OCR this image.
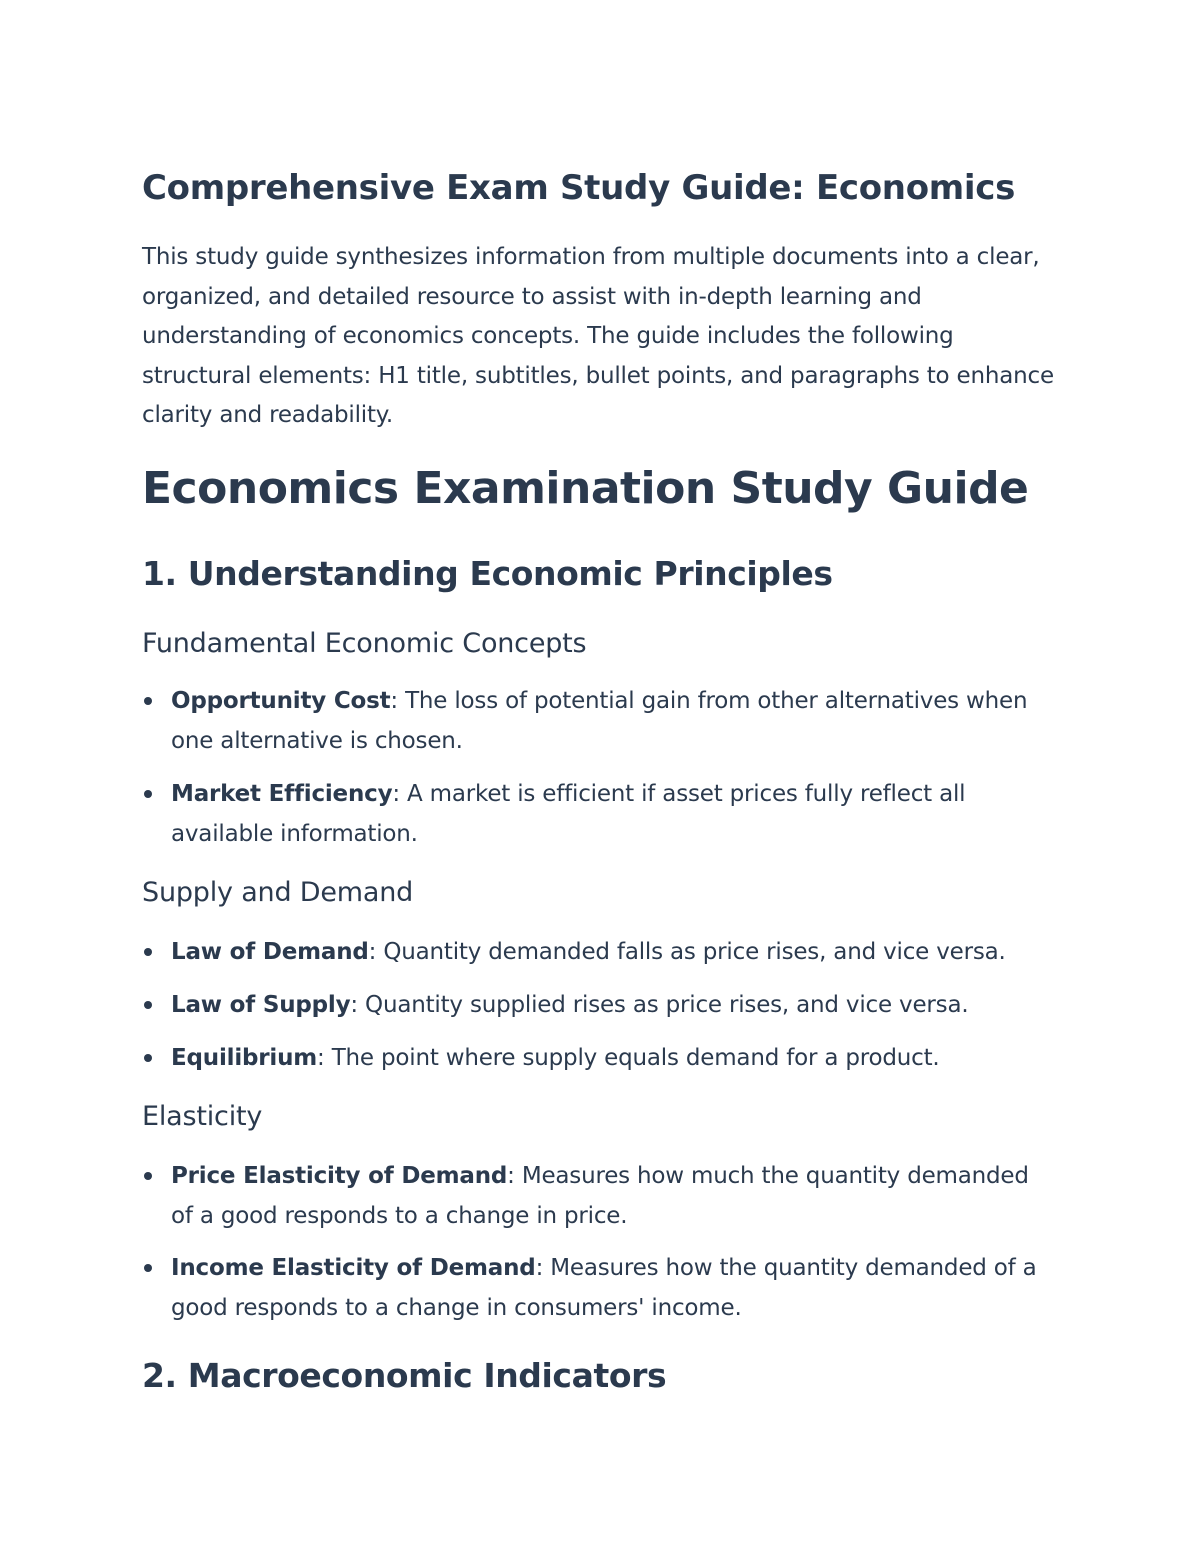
Comprehensive Exam Study Guide: Economics

This study guide synthesizes information from multiple documents into a clear, organized, and detailed resource to assist with in-depth learning and understanding of economics concepts. The guide includes the following structural elements: H1 title, subtitles, bullet points, and paragraphs to enhance clarity and readability.

Economics Examination Study Guide
1. Understanding Economic Principles
Fundamental Economic Concepts
Opportunity Cost: The loss of potential gain from other alternatives when one alternative is chosen.
Market Efficiency: A market is efficient if asset prices fully reflect all available information.
Supply and Demand
Law of Demand: Quantity demanded falls as price rises, and vice versa.
Law of Supply: Quantity supplied rises as price rises, and vice versa.
Equilibrium: The point where supply equals demand for a product.
Elasticity
Price Elasticity of Demand: Measures how much the quantity demanded of a good responds to a change in price.
Income Elasticity of Demand: Measures how the quantity demanded of a good responds to a change in consumers' income.
2. Macroeconomic Indicators
